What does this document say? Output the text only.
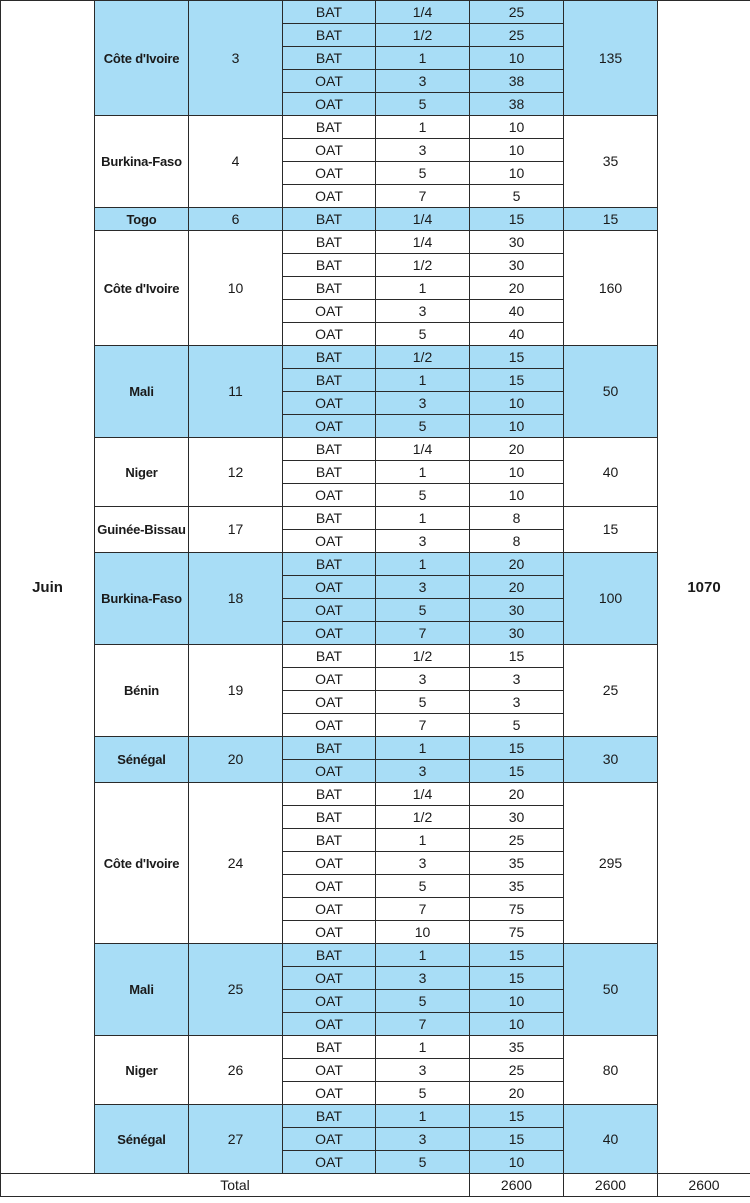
Juin	Côte d'Ivoire	3	BAT	1/4	25	135	1070
			BAT	1/2	25		
			BAT	1	10		
			OAT	3	38		
			OAT	5	38		
	Burkina-Faso	4	BAT	1	10	35	
			OAT	3	10		
			OAT	5	10		
			OAT	7	5		
	Togo	6	BAT	1/4	15	15	
	Côte d'Ivoire	10	BAT	1/4	30	160	
			BAT	1/2	30		
			BAT	1	20		
			OAT	3	40		
			OAT	5	40		
	Mali	11	BAT	1/2	15	50	
			BAT	1	15		
			OAT	3	10		
			OAT	5	10		
	Niger	12	BAT	1/4	20	40	
			BAT	1	10		
			OAT	5	10		
	Guinée-Bissau	17	BAT	1	8	15	
			OAT	3	8		
	Burkina-Faso	18	BAT	1	20	100	
			OAT	3	20		
			OAT	5	30		
			OAT	7	30		
	Bénin	19	BAT	1/2	15	25	
			OAT	3	3		
			OAT	5	3		
			OAT	7	5		
	Sénégal	20	BAT	1	15	30	
			OAT	3	15		
	Côte d'Ivoire	24	BAT	1/4	20	295	
			BAT	1/2	30		
			BAT	1	25		
			OAT	3	35		
			OAT	5	35		
			OAT	7	75		
			OAT	10	75		
	Mali	25	BAT	1	15	50	
			OAT	3	15		
			OAT	5	10		
			OAT	7	10		
	Niger	26	BAT	1	35	80	
			OAT	3	25		
			OAT	5	20		
	Sénégal	27	BAT	1	15	40	
			OAT	3	15		
			OAT	5	10		
Total					2600	2600	2600
